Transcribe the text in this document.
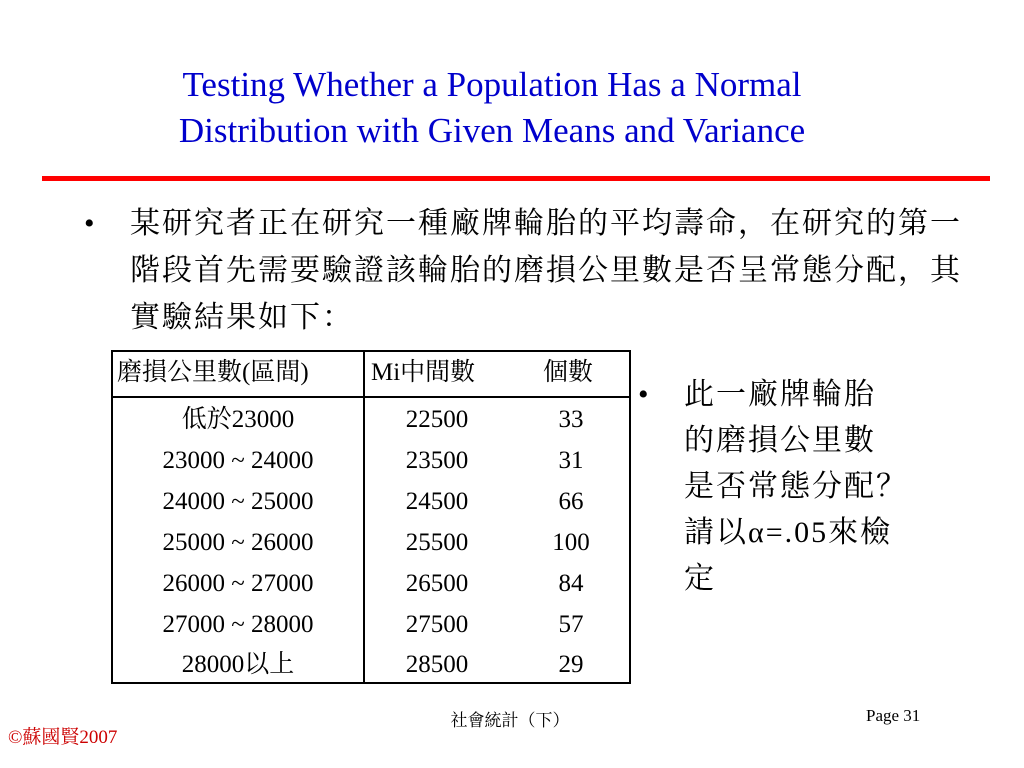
Testing Whether a Population Has a Normal
Distribution with Given Means and Variance
• 某研究者正在研究一種廠牌輪胎的平均壽命，在研究的第一階段首先需要驗證該輪胎的磨損公里數是否呈常態分配，其實驗結果如下：
磨損公里數(區間) Mi中間數	個數
低於23000	22500	33
23000 ~ 24000	23500	31
24000 ~ 25000	24500	66
25000 ~ 26000	25500	100
26000 ~ 27000	26500	84
27000 ~ 28000	27500	57
28000以上	28500	29
• 此一廠牌輪胎
的磨損公里數
是否常態分配？
請以α=.05來檢
定
社會統計（下）	Page 31
©蘇國賢2007
